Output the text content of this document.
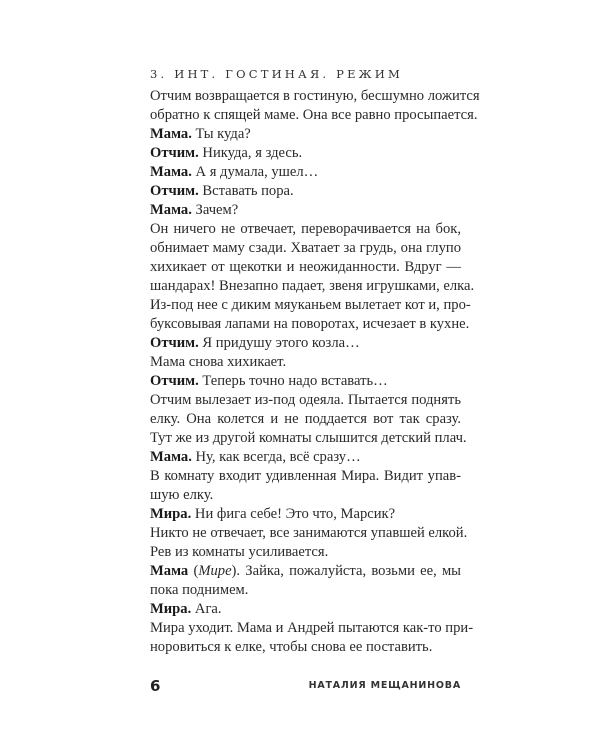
3. ИНТ. ГОСТИНАЯ. РЕЖИМ
Отчим возвращается в гостиную, бесшумно ложится
обратно к спящей маме. Она все равно просыпается.
Мама. Ты куда?
Отчим. Никуда, я здесь.
Мама. А я думала, ушел…
Отчим. Вставать пора.
Мама. Зачем?
Он ничего не отвечает, переворачивается на бок,
обнимает маму сзади. Хватает за грудь, она глупо
хихикает от щекотки и неожиданности. Вдруг —
шандарах! Внезапно падает, звеня игрушками, елка.
Из-под нее с диким мяуканьем вылетает кот и, про-
буксовывая лапами на поворотах, исчезает в кухне.
Отчим. Я придушу этого козла…
Мама снова хихикает.
Отчим. Теперь точно надо вставать…
Отчим вылезает из-под одеяла. Пытается поднять
елку. Она колется и не поддается вот так сразу.
Тут же из другой комнаты слышится детский плач.
Мама. Ну, как всегда, всё сразу…
В комнату входит удивленная Мира. Видит упав-
шую елку.
Мира. Ни фига себе! Это что, Марсик?
Никто не отвечает, все занимаются упавшей елкой.
Рев из комнаты усиливается.
Мама (Мире). Зайка, пожалуйста, возьми ее, мы
пока поднимем.
Мира. Ага.
Мира уходит. Мама и Андрей пытаются как-то при-
норовиться к елке, чтобы снова ее поставить.
6	НАТАЛИЯ МЕЩАНИНОВА
